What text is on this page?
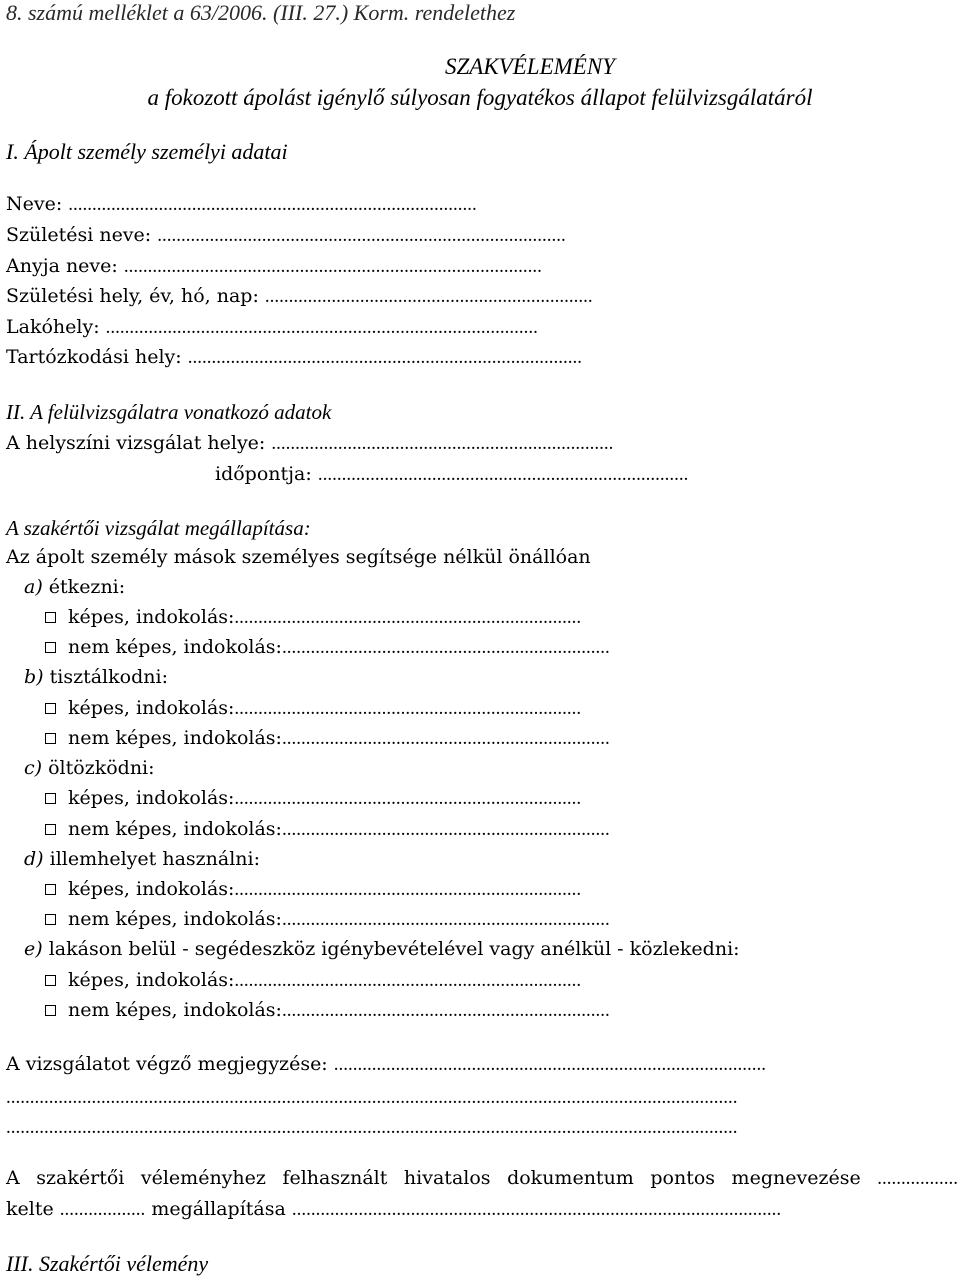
8. számú melléklet a 63/2006. (III. 27.) Korm. rendelethez
SZAKVÉLEMÉNY
a fokozott ápolást igénylő súlyosan fogyatékos állapot felülvizsgálatáról
I. Ápolt személy személyi adatai
Neve: ......................................................................................
Születési neve: ......................................................................................
Anyja neve: ........................................................................................
Születési hely, év, hó, nap: .....................................................................
Lakóhely: ...........................................................................................
Tartózkodási hely: ...................................................................................
II. A felülvizsgálatra vonatkozó adatok
A helyszíni vizsgálat helye: ........................................................................
időpontja: ..............................................................................
A szakértői vizsgálat megállapítása:
Az ápolt személy mások személyes segítsége nélkül önállóan
a) étkezni:
képes, indokolás:.........................................................................
nem képes, indokolás:.....................................................................
b) tisztálkodni:
képes, indokolás:.........................................................................
nem képes, indokolás:.....................................................................
c) öltözködni:
képes, indokolás:.........................................................................
nem képes, indokolás:.....................................................................
d) illemhelyet használni:
képes, indokolás:.........................................................................
nem képes, indokolás:.....................................................................
e) lakáson belül - segédeszköz igénybevételével vagy anélkül - közlekedni:
képes, indokolás:.........................................................................
nem képes, indokolás:.....................................................................
A vizsgálatot végző megjegyzése: ...........................................................................................
..........................................................................................................................................................
..........................................................................................................................................................
A szakértői véleményhez felhasznált hivatalos dokumentum pontos megnevezése .................
kelte .................. megállapítása .......................................................................................................
III. Szakértői vélemény
